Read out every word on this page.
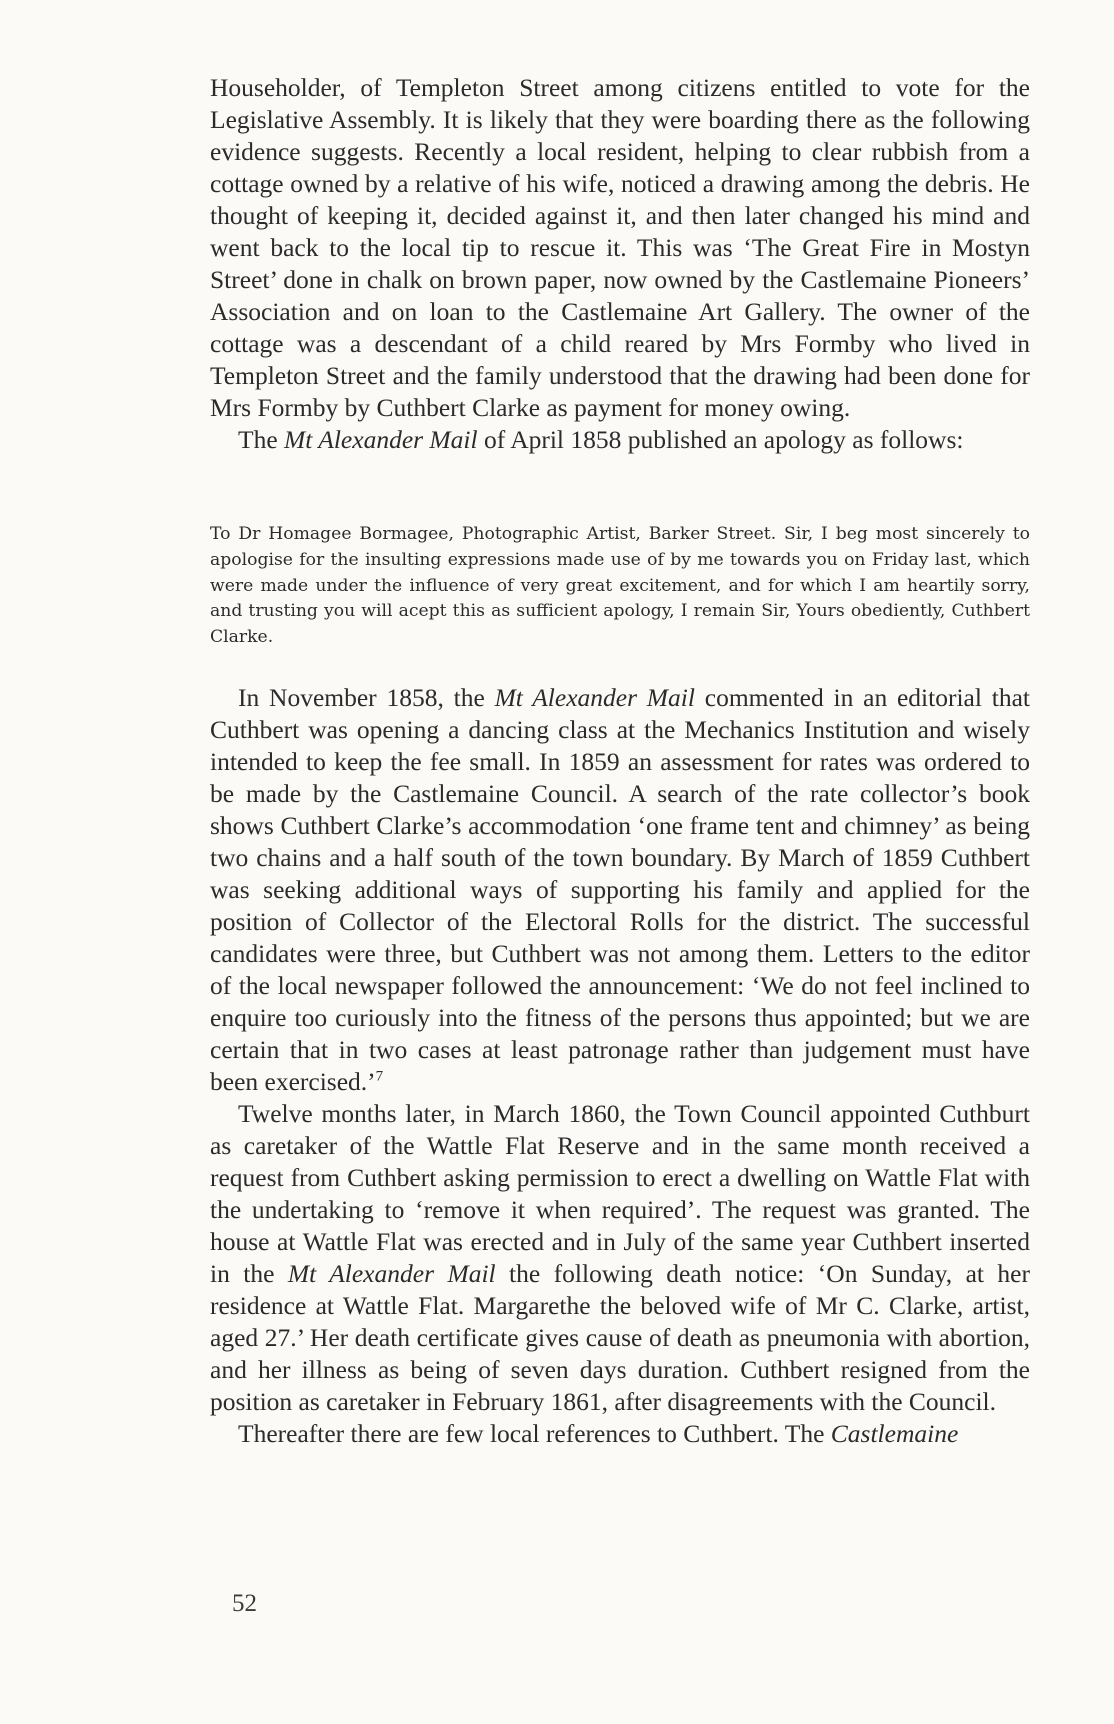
Householder, of Templeton Street among citizens entitled to vote for the Legislative Assembly. It is likely that they were boarding there as the following evidence suggests. Recently a local resident, helping to clear rubbish from a cottage owned by a relative of his wife, noticed a drawing among the debris. He thought of keeping it, decided against it, and then later changed his mind and went back to the local tip to rescue it. This was ‘The Great Fire in Mostyn Street’ done in chalk on brown paper, now owned by the Castlemaine Pioneers’ Association and on loan to the Castlemaine Art Gallery. The owner of the cottage was a descendant of a child reared by Mrs Formby who lived in Templeton Street and the family understood that the drawing had been done for Mrs Formby by Cuthbert Clarke as payment for money owing.

The Mt Alexander Mail of April 1858 published an apology as follows:

To Dr Homagee Bormagee, Photographic Artist, Barker Street. Sir, I beg most sincerely to apologise for the insulting expressions made use of by me towards you on Friday last, which were made under the influence of very great excitement, and for which I am heartily sorry, and trusting you will acept this as sufficient apology, I remain Sir, Yours obediently, Cuthbert Clarke.

In November 1858, the Mt Alexander Mail commented in an editorial that Cuthbert was opening a dancing class at the Mechanics Institution and wisely intended to keep the fee small. In 1859 an assessment for rates was ordered to be made by the Castlemaine Council. A search of the rate collector’s book shows Cuthbert Clarke’s accommodation ‘one frame tent and chimney’ as being two chains and a half south of the town boundary. By March of 1859 Cuthbert was seeking additional ways of supporting his family and applied for the position of Collector of the Electoral Rolls for the district. The successful candidates were three, but Cuthbert was not among them. Letters to the editor of the local newspaper followed the announcement: ‘We do not feel inclined to enquire too curiously into the fitness of the persons thus appointed; but we are certain that in two cases at least patronage rather than judgement must have been exercised.’$^7$

Twelve months later, in March 1860, the Town Council appointed Cuthburt as caretaker of the Wattle Flat Reserve and in the same month received a request from Cuthbert asking permission to erect a dwelling on Wattle Flat with the undertaking to ‘remove it when required’. The request was granted. The house at Wattle Flat was erected and in July of the same year Cuthbert inserted in the Mt Alexander Mail the following death notice: ‘On Sunday, at her residence at Wattle Flat. Margarethe the beloved wife of Mr C. Clarke, artist, aged 27.’ Her death certificate gives cause of death as pneumonia with abortion, and her illness as being of seven days duration. Cuthbert resigned from the position as caretaker in February 1861, after disagreements with the Council.

Thereafter there are few local references to Cuthbert. The Castlemaine

52
